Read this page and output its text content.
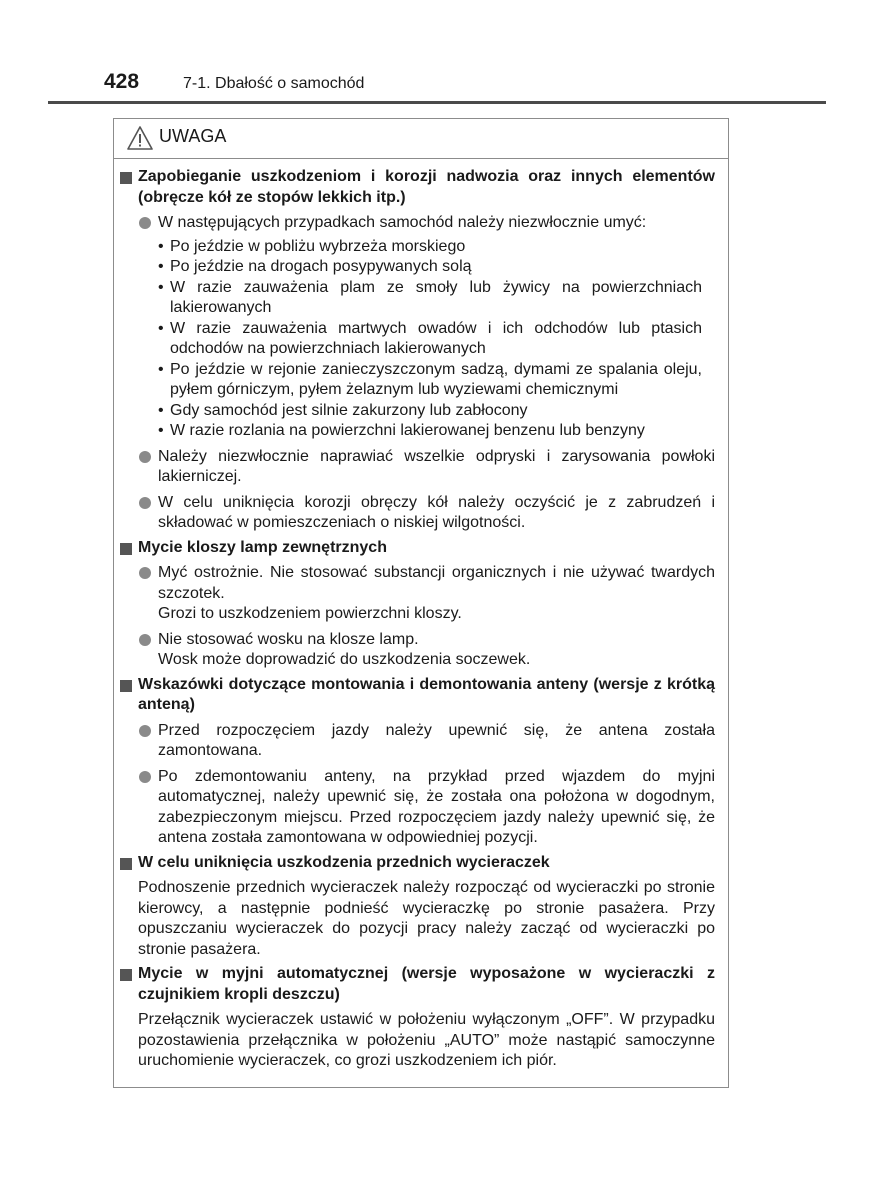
428	7-1. Dbałość o samochód
UWAGA
Zapobieganie uszkodzeniom i korozji nadwozia oraz innych elementów (obręcze kół ze stopów lekkich itp.)
W następujących przypadkach samochód należy niezwłocznie umyć:
• Po jeździe w pobliżu wybrzeża morskiego
• Po jeździe na drogach posypywanych solą
• W razie zauważenia plam ze smoły lub żywicy na powierzchniach lakierowanych
• W razie zauważenia martwych owadów i ich odchodów lub ptasich odchodów na powierzchniach lakierowanych
• Po jeździe w rejonie zanieczyszczonym sadzą, dymami ze spalania oleju, pyłem górniczym, pyłem żelaznym lub wyziewami chemicznymi
• Gdy samochód jest silnie zakurzony lub zabłocony
• W razie rozlania na powierzchni lakierowanej benzenu lub benzyny
Należy niezwłocznie naprawiać wszelkie odpryski i zarysowania powłoki lakierniczej.
W celu uniknięcia korozji obręczy kół należy oczyścić je z zabrudzeń i składować w pomieszczeniach o niskiej wilgotności.
Mycie kloszy lamp zewnętrznych
Myć ostrożnie. Nie stosować substancji organicznych i nie używać twardych szczotek.
Grozi to uszkodzeniem powierzchni kloszy.
Nie stosować wosku na klosze lamp.
Wosk może doprowadzić do uszkodzenia soczewek.
Wskazówki dotyczące montowania i demontowania anteny (wersje z krótką anteną)
Przed rozpoczęciem jazdy należy upewnić się, że antena została zamontowana.
Po zdemontowaniu anteny, na przykład przed wjazdem do myjni automatycznej, należy upewnić się, że została ona położona w dogodnym, zabezpieczonym miejscu. Przed rozpoczęciem jazdy należy upewnić się, że antena została zamontowana w odpowiedniej pozycji.
W celu uniknięcia uszkodzenia przednich wycieraczek
Podnoszenie przednich wycieraczek należy rozpocząć od wycieraczki po stronie kierowcy, a następnie podnieść wycieraczkę po stronie pasażera. Przy opuszczaniu wycieraczek do pozycji pracy należy zacząć od wycieraczki po stronie pasażera.
Mycie w myjni automatycznej (wersje wyposażone w wycieraczki z czujnikiem kropli deszczu)
Przełącznik wycieraczek ustawić w położeniu wyłączonym „OFF”. W przypadku pozostawienia przełącznika w położeniu „AUTO” może nastąpić samoczynne uruchomienie wycieraczek, co grozi uszkodzeniem ich piór.
